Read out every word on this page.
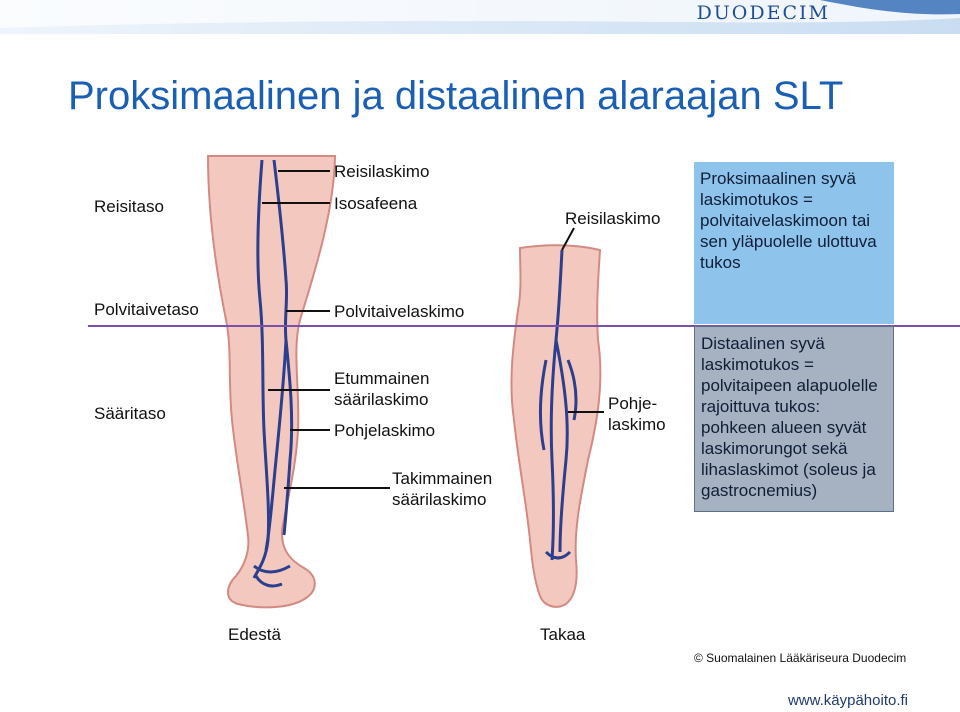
DUODECIM
Proksimaalinen ja distaalinen alaraajan SLT
Reisitaso
Polvitaivetaso
Sääritaso
Reisilaskimo
Isosafeena
Polvitaivelaskimo
Etummainen
säärilaskimo
Pohjelaskimo
Takimmainen
säärilaskimo
Reisilaskimo
Pohje-
laskimo
Proksimaalinen syvä laskimotukos = polvitaivelaskimoon tai sen yläpuolelle ulottuva tukos
Distaalinen syvä laskimotukos = polvitaipeen alapuolelle rajoittuva tukos: pohkeen alueen syvät laskimorungot sekä lihaslaskimot (soleus ja gastrocnemius)
Edestä	Takaa
© Suomalainen Lääkäriseura Duodecim
www.käypähoito.fi
